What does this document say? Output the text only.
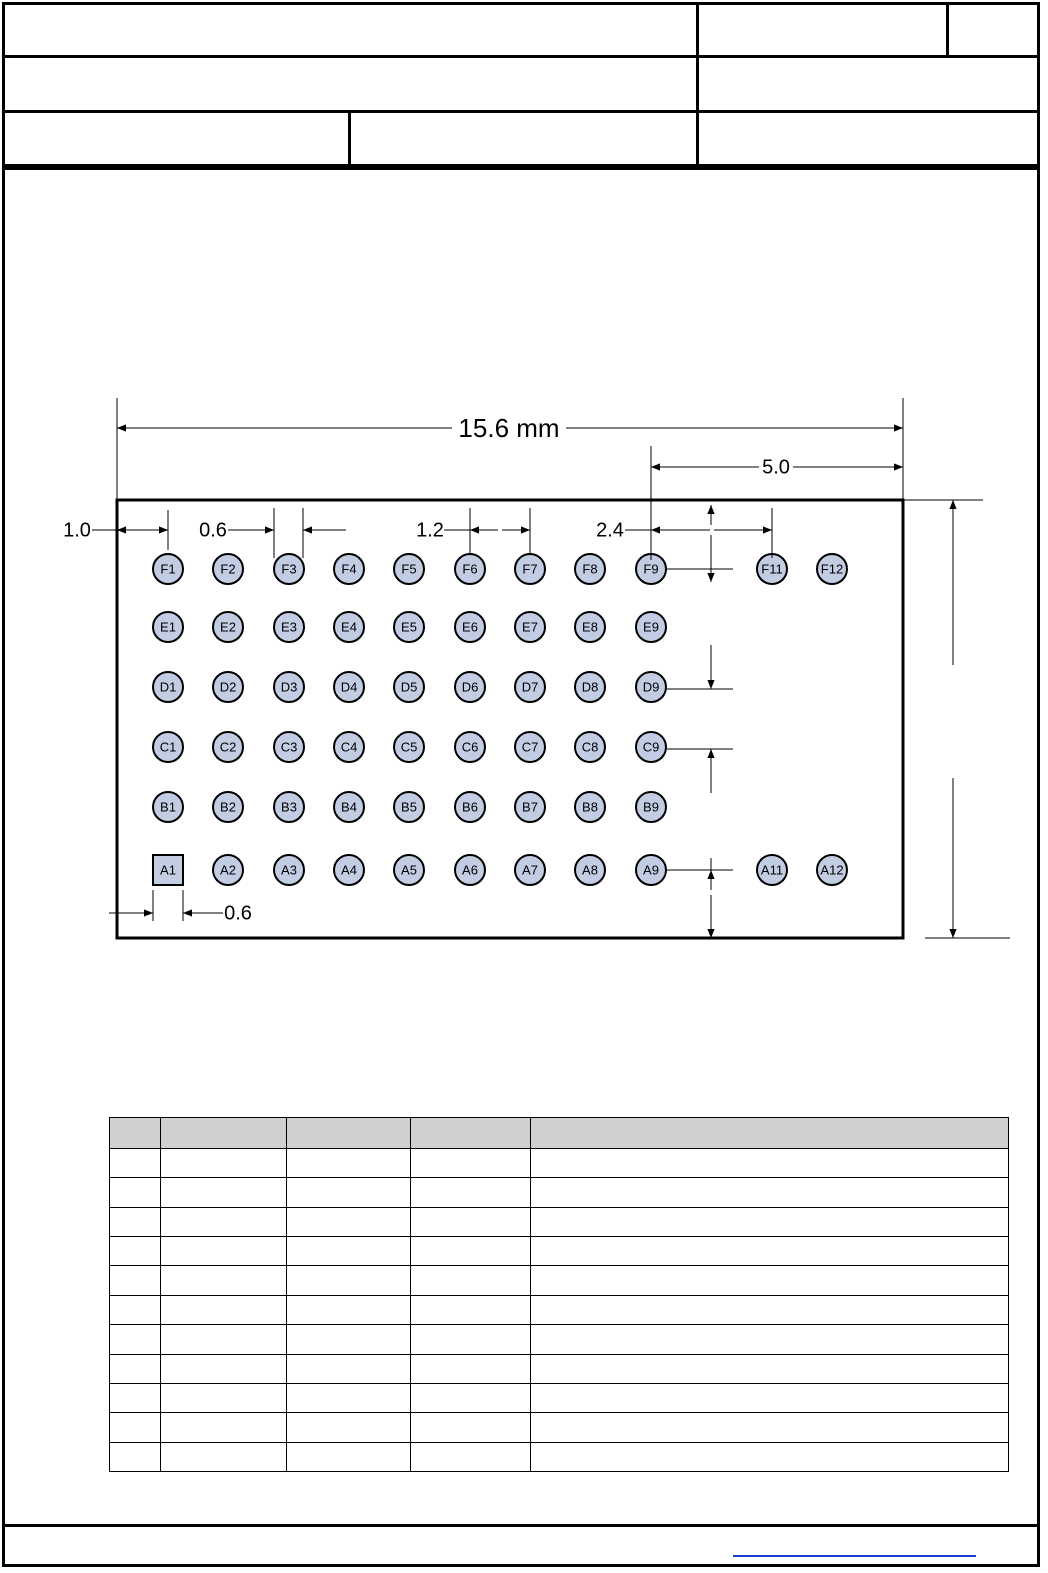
F1	F2	F3	F4	F5	F6	F7	F8	F9	F11	F12
E1	E2	E3	E4	E5	E6	E7	E8	E9
D1	D2	D3	D4	D5	D6	D7	D8	D9
C1	C2	C3	C4	C5	C6	C7	C8	C9
B1	B2	B3	B4	B5	B6	B7	B8	B9
A1	A2	A3	A4	A5	A6	A7	A8	A9	A11	A12
15.6 mm
5.0
1.0	0.6	1.2	2.4
0.6
